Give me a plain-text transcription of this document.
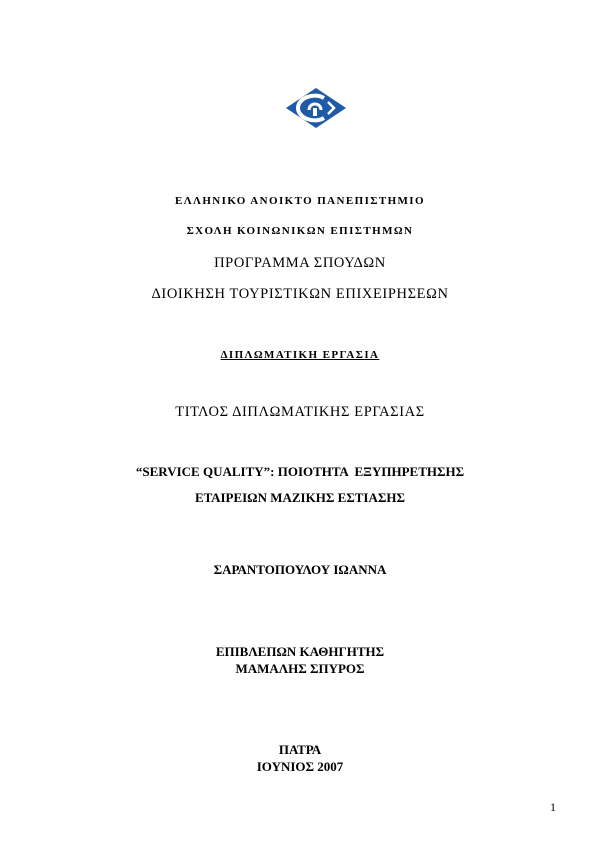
ΕΛΛΗΝΙΚΟ ΑΝΟΙΚΤΟ ΠΑΝΕΠΙΣΤΗΜΙΟ
ΣΧΟΛΗ ΚΟΙΝΩΝΙΚΩΝ ΕΠΙΣΤΗΜΩΝ
ΠΡΟΓΡΑΜΜΑ ΣΠΟΥΔΩΝ
ΔΙΟΙΚΗΣΗ ΤΟΥΡΙΣΤΙΚΩΝ ΕΠΙΧΕΙΡΗΣΕΩΝ
ΔΙΠΛΩΜΑΤΙΚΗ ΕΡΓΑΣΙΑ
ΤΙΤΛΟΣ ΔΙΠΛΩΜΑΤΙΚΗΣ ΕΡΓΑΣΙΑΣ
“SERVICE QUALITY”: ΠΟΙΟΤΗΤΑ  ΕΞΥΠΗΡΕΤΗΣΗΣ
ΕΤΑΙΡΕΙΩΝ ΜΑΖΙΚΗΣ ΕΣΤΙΑΣΗΣ
ΣΑΡΑΝΤΟΠΟΥΛΟΥ ΙΩΑΝΝΑ
ΕΠΙΒΛΕΠΩΝ ΚΑΘΗΓΗΤΗΣ
ΜΑΜΑΛΗΣ ΣΠΥΡΟΣ
ΠΑΤΡΑ
ΙΟΥΝΙΟΣ 2007
1
